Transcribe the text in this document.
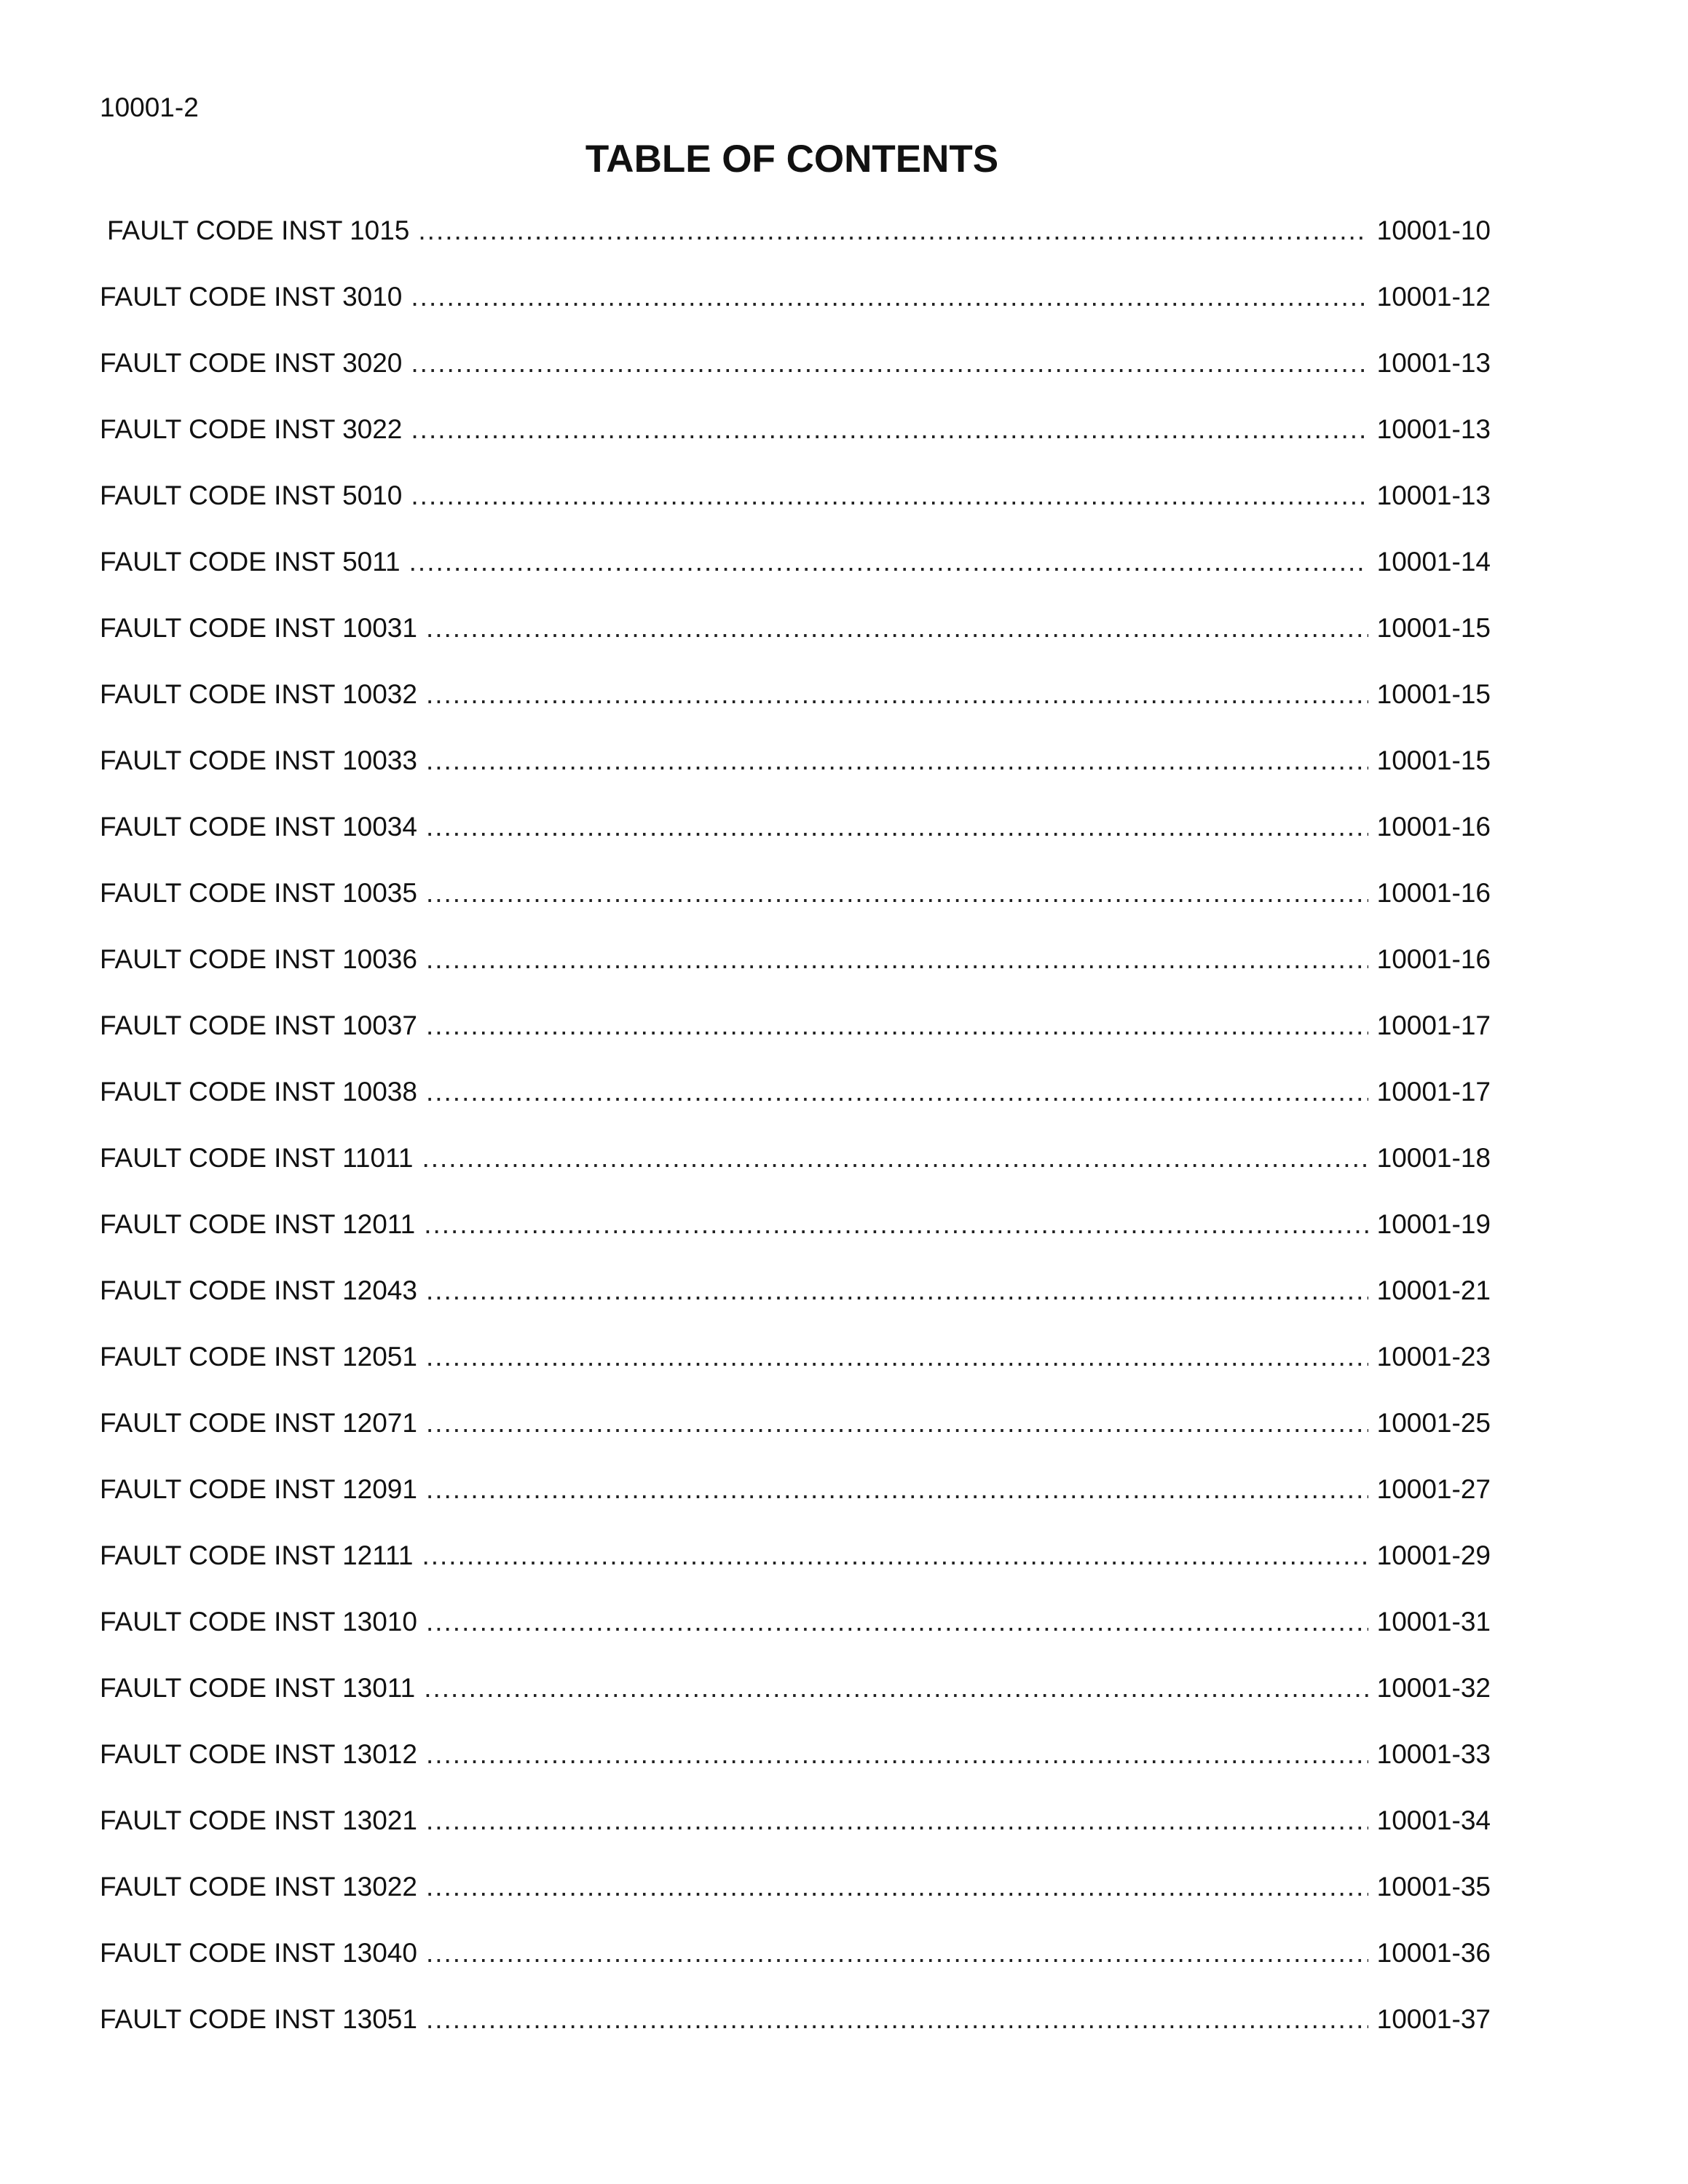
10001-2
TABLE OF CONTENTS
FAULT CODE INST 1015 .....	10001-10
FAULT CODE INST 3010 .....	10001-12
FAULT CODE INST 3020 .....	10001-13
FAULT CODE INST 3022 .....	10001-13
FAULT CODE INST 5010 .....	10001-13
FAULT CODE INST 5011 .....	10001-14
FAULT CODE INST 10031 .....	10001-15
FAULT CODE INST 10032 .....	10001-15
FAULT CODE INST 10033 .....	10001-15
FAULT CODE INST 10034 .....	10001-16
FAULT CODE INST 10035 .....	10001-16
FAULT CODE INST 10036 .....	10001-16
FAULT CODE INST 10037 .....	10001-17
FAULT CODE INST 10038 .....	10001-17
FAULT CODE INST 11011 .....	10001-18
FAULT CODE INST 12011 .....	10001-19
FAULT CODE INST 12043 .....	10001-21
FAULT CODE INST 12051 .....	10001-23
FAULT CODE INST 12071 .....	10001-25
FAULT CODE INST 12091 .....	10001-27
FAULT CODE INST 12111 .....	10001-29
FAULT CODE INST 13010 .....	10001-31
FAULT CODE INST 13011 .....	10001-32
FAULT CODE INST 13012 .....	10001-33
FAULT CODE INST 13021 .....	10001-34
FAULT CODE INST 13022 .....	10001-35
FAULT CODE INST 13040 .....	10001-36
FAULT CODE INST 13051 .....	10001-37
